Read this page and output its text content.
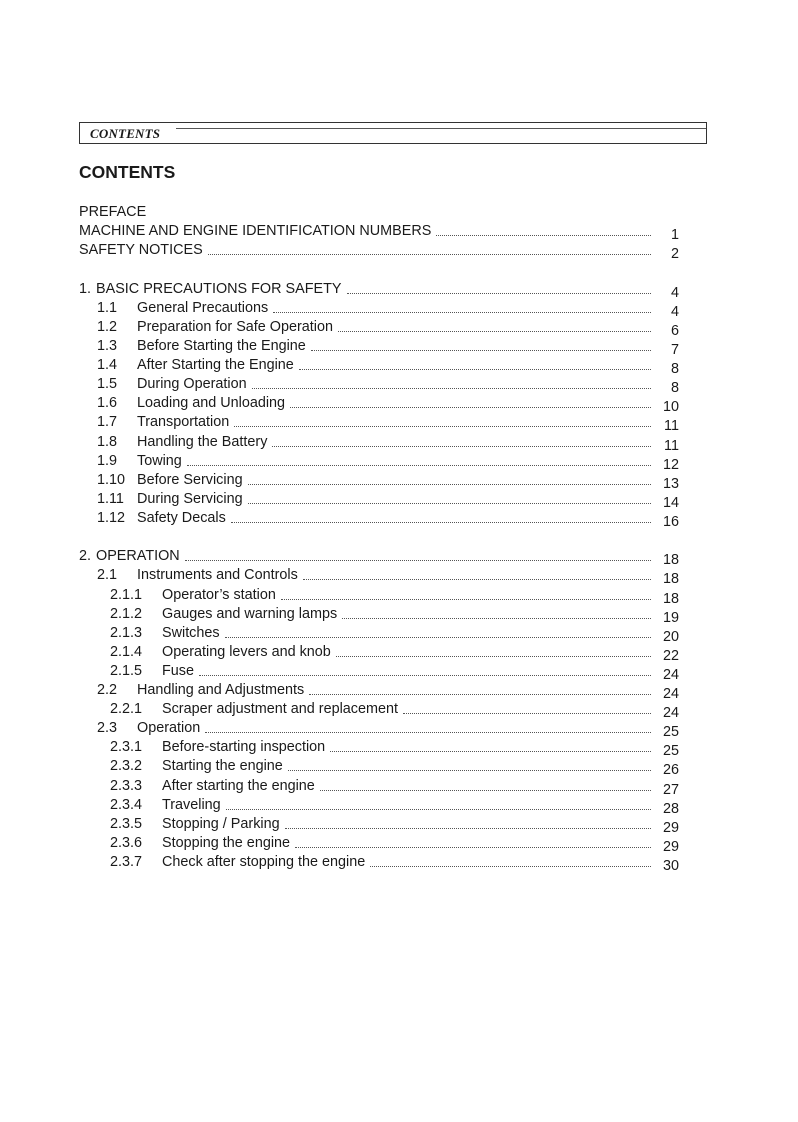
CONTENTS
CONTENTS
PREFACE
MACHINE AND ENGINE IDENTIFICATION NUMBERS	1
SAFETY NOTICES	2
1. BASIC PRECAUTIONS FOR SAFETY	4
1.1	General Precautions	4
1.2	Preparation for Safe Operation	6
1.3	Before Starting the Engine	7
1.4	After Starting the Engine	8
1.5	During Operation	8
1.6	Loading and Unloading	10
1.7	Transportation	11
1.8	Handling the Battery	11
1.9	Towing	12
1.10 Before Servicing	13
1.11 During Servicing	14
1.12 Safety Decals	16
2. OPERATION	18
2.1	Instruments and Controls	18
2.1.1	Operator’s station	18
2.1.2	Gauges and warning lamps	19
2.1.3	Switches	20
2.1.4	Operating levers and knob	22
2.1.5	Fuse	24
2.2	Handling and Adjustments	24
2.2.1	Scraper adjustment and replacement	24
2.3	Operation	25
2.3.1	Before-starting inspection	25
2.3.2	Starting the engine	26
2.3.3	After starting the engine	27
2.3.4	Traveling	28
2.3.5	Stopping / Parking	29
2.3.6	Stopping the engine	29
2.3.7	Check after stopping the engine	30
